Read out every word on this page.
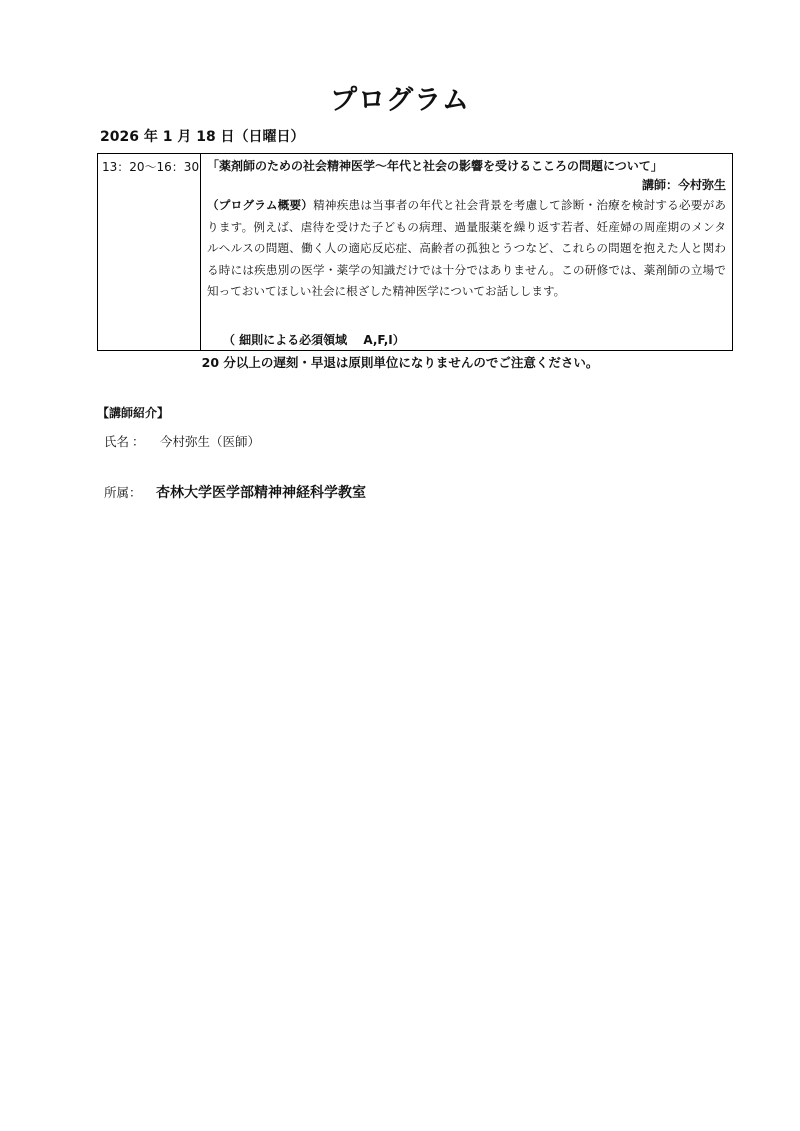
プログラム
2026 年 1 月 18 日（日曜日）
13：20～16：30 「薬剤師のための社会精神医学～年代と社会の影響を受けるこころの問題について」
講師：今村弥生
（プログラム概要）精神疾患は当事者の年代と社会背景を考慮して診断・治療を検討する必要があります。例えば、虐待を受けた子どもの病理、過量服薬を繰り返す若者、妊産婦の周産期のメンタルヘルスの問題、働く人の適応反応症、高齢者の孤独とうつなど、これらの問題を抱えた人と関わる時には疾患別の医学・薬学の知識だけでは十分ではありません。この研修では、薬剤師の立場で知っておいてほしい社会に根ざした精神医学についてお話しします。
（ 細則による必須領域　 A,F,I）
20 分以上の遅刻・早退は原則単位になりませんのでご注意ください。
【講師紹介】
氏名 ： 今村弥生（医師）
所属： 杏林大学医学部精神神経科学教室
